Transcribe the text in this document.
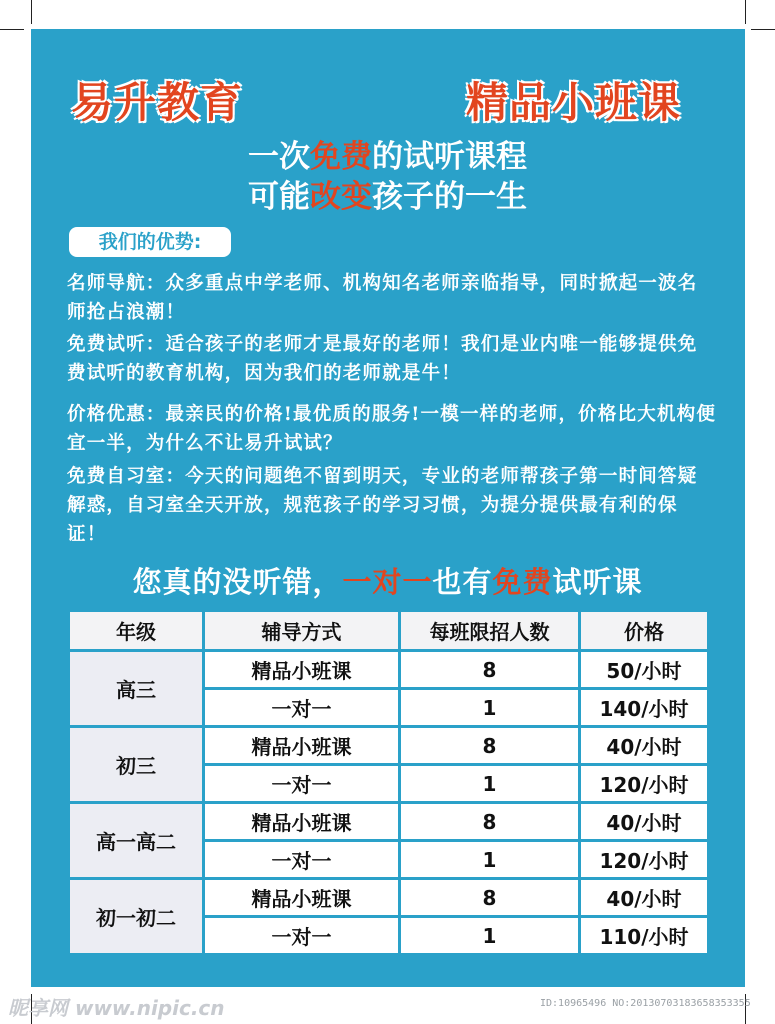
易升教育	精品小班课
一次免费的试听课程
可能改变孩子的一生
我们的优势:
名师导航：众多重点中学老师、机构知名老师亲临指导，同时掀起一波名师抢占浪潮！
免费试听：适合孩子的老师才是最好的老师！我们是业内唯一能够提供免费试听的教育机构，因为我们的老师就是牛！
价格优惠：最亲民的价格!最优质的服务!一模一样的老师，价格比大机构便宜一半，为什么不让易升试试？
免费自习室：今天的问题绝不留到明天，专业的老师帮孩子第一时间答疑解惑，自习室全天开放，规范孩子的学习习惯，为提分提供最有利的保证！
您真的没听错，一对一也有免费试听课
年级	辅导方式	每班限招人数	价格
高三	精品小班课	8	50/小时
	一对一	1	140/小时
初三	精品小班课	8	40/小时
	一对一	1	120/小时
高一高二	精品小班课	8	40/小时
	一对一	1	120/小时
初一初二	精品小班课	8	40/小时
	一对一	1	110/小时
昵享网 www.nipic.cn	ID:10965496 NO:20130703183658353355
